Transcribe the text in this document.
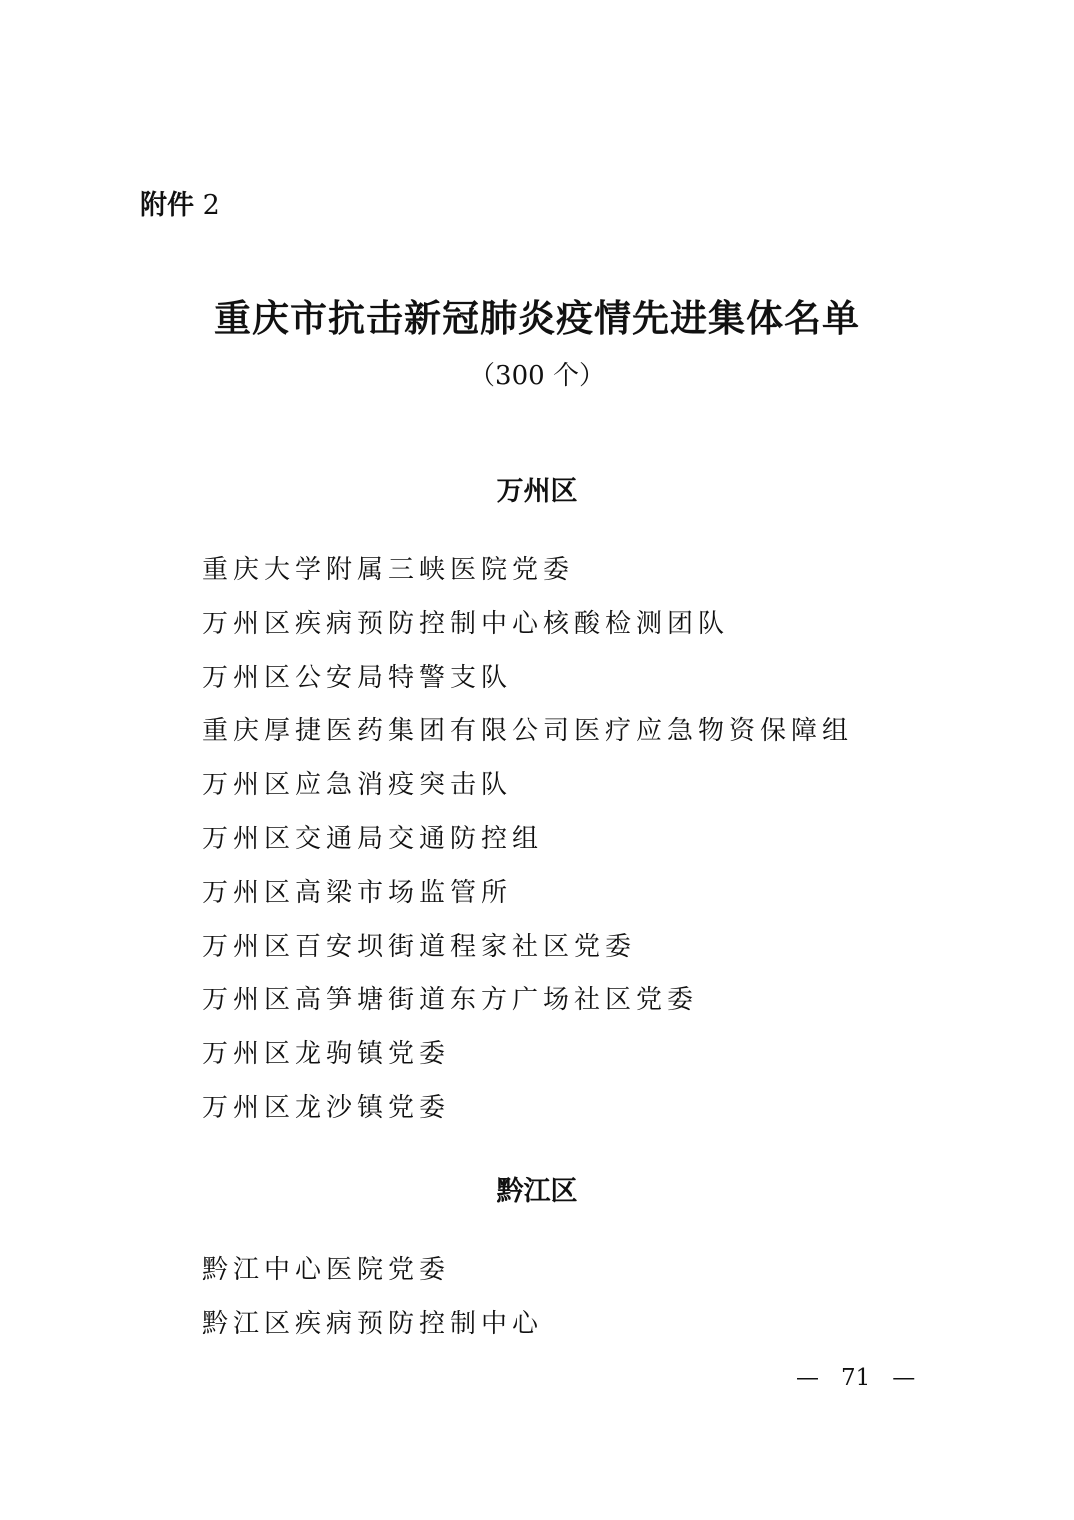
附件 2
重庆市抗击新冠肺炎疫情先进集体名单
（300 个）
万州区
重庆大学附属三峡医院党委
万州区疾病预防控制中心核酸检测团队
万州区公安局特警支队
重庆厚捷医药集团有限公司医疗应急物资保障组
万州区应急消疫突击队
万州区交通局交通防控组
万州区高梁市场监管所
万州区百安坝街道程家社区党委
万州区高笋塘街道东方广场社区党委
万州区龙驹镇党委
万州区龙沙镇党委
黔江区
黔江中心医院党委
黔江区疾病预防控制中心
— 71 —
